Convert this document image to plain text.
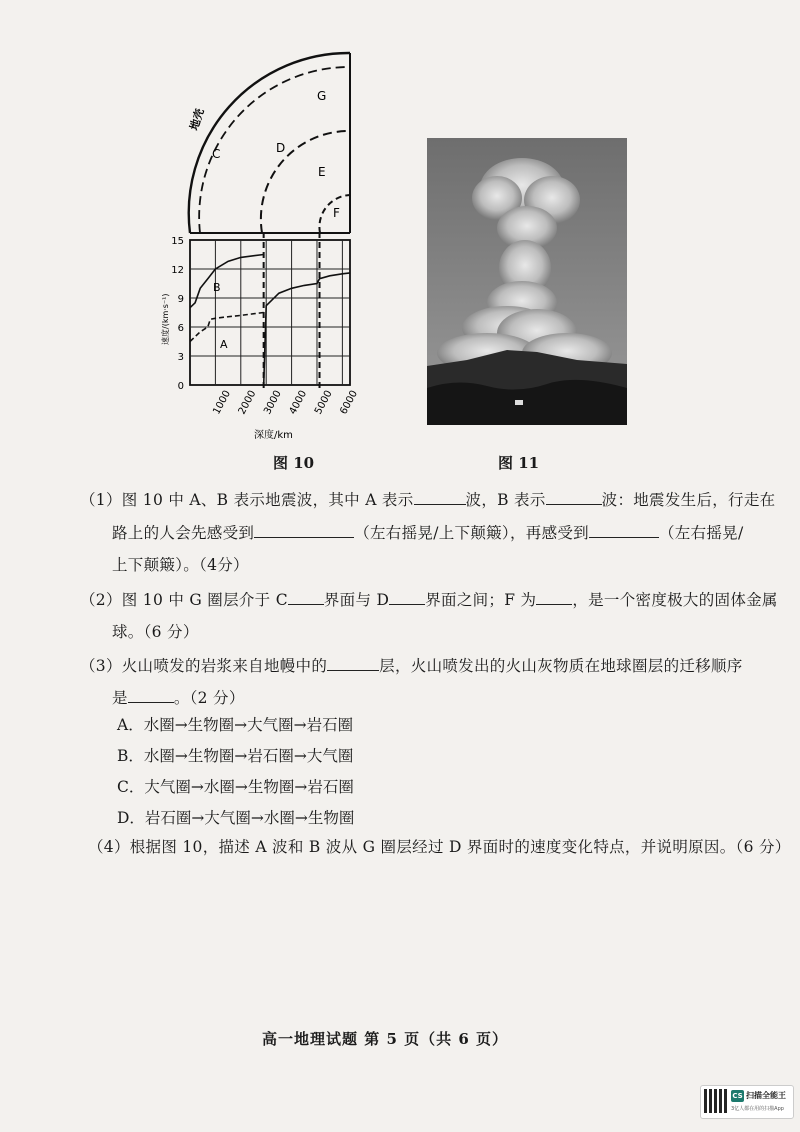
地壳
C	D
G
E
F
0
3
6
9
12
15
1000 2000 3000 4000 5000 6000
A
B
速度/(km·s⁻¹)
深度/km
图 10	图 11
（1）图 10 中 A、B 表示地震波，其中 A 表示	波，B 表示	波：地震发生后，行走在
路上的人会先感受到	（左右摇晃/上下颠簸），再感受到	（左右摇晃/
上下颠簸）。（4分）
（2）图 10 中 G 圈层介于 C 界面与 D 界面之间；F 为 ，是一个密度极大的固体金属
球。（6 分）
（3）火山喷发的岩浆来自地幔中的	层，火山喷发出的火山灰物质在地球圈层的迁移顺序
是	。（2 分）
A．水圈→生物圈→大气圈→岩石圈
B．水圈→生物圈→岩石圈→大气圈
C．大气圈→水圈→生物圈→岩石圈
D．岩石圈→大气圈→水圈→生物圈
（4）根据图 10，描述 A 波和 B 波从 G 圈层经过 D 界面时的速度变化特点，并说明原因。（6 分）
高一地理试题 第 5 页（共 6 页）
CS 扫描全能王
3亿人都在用的扫描App
